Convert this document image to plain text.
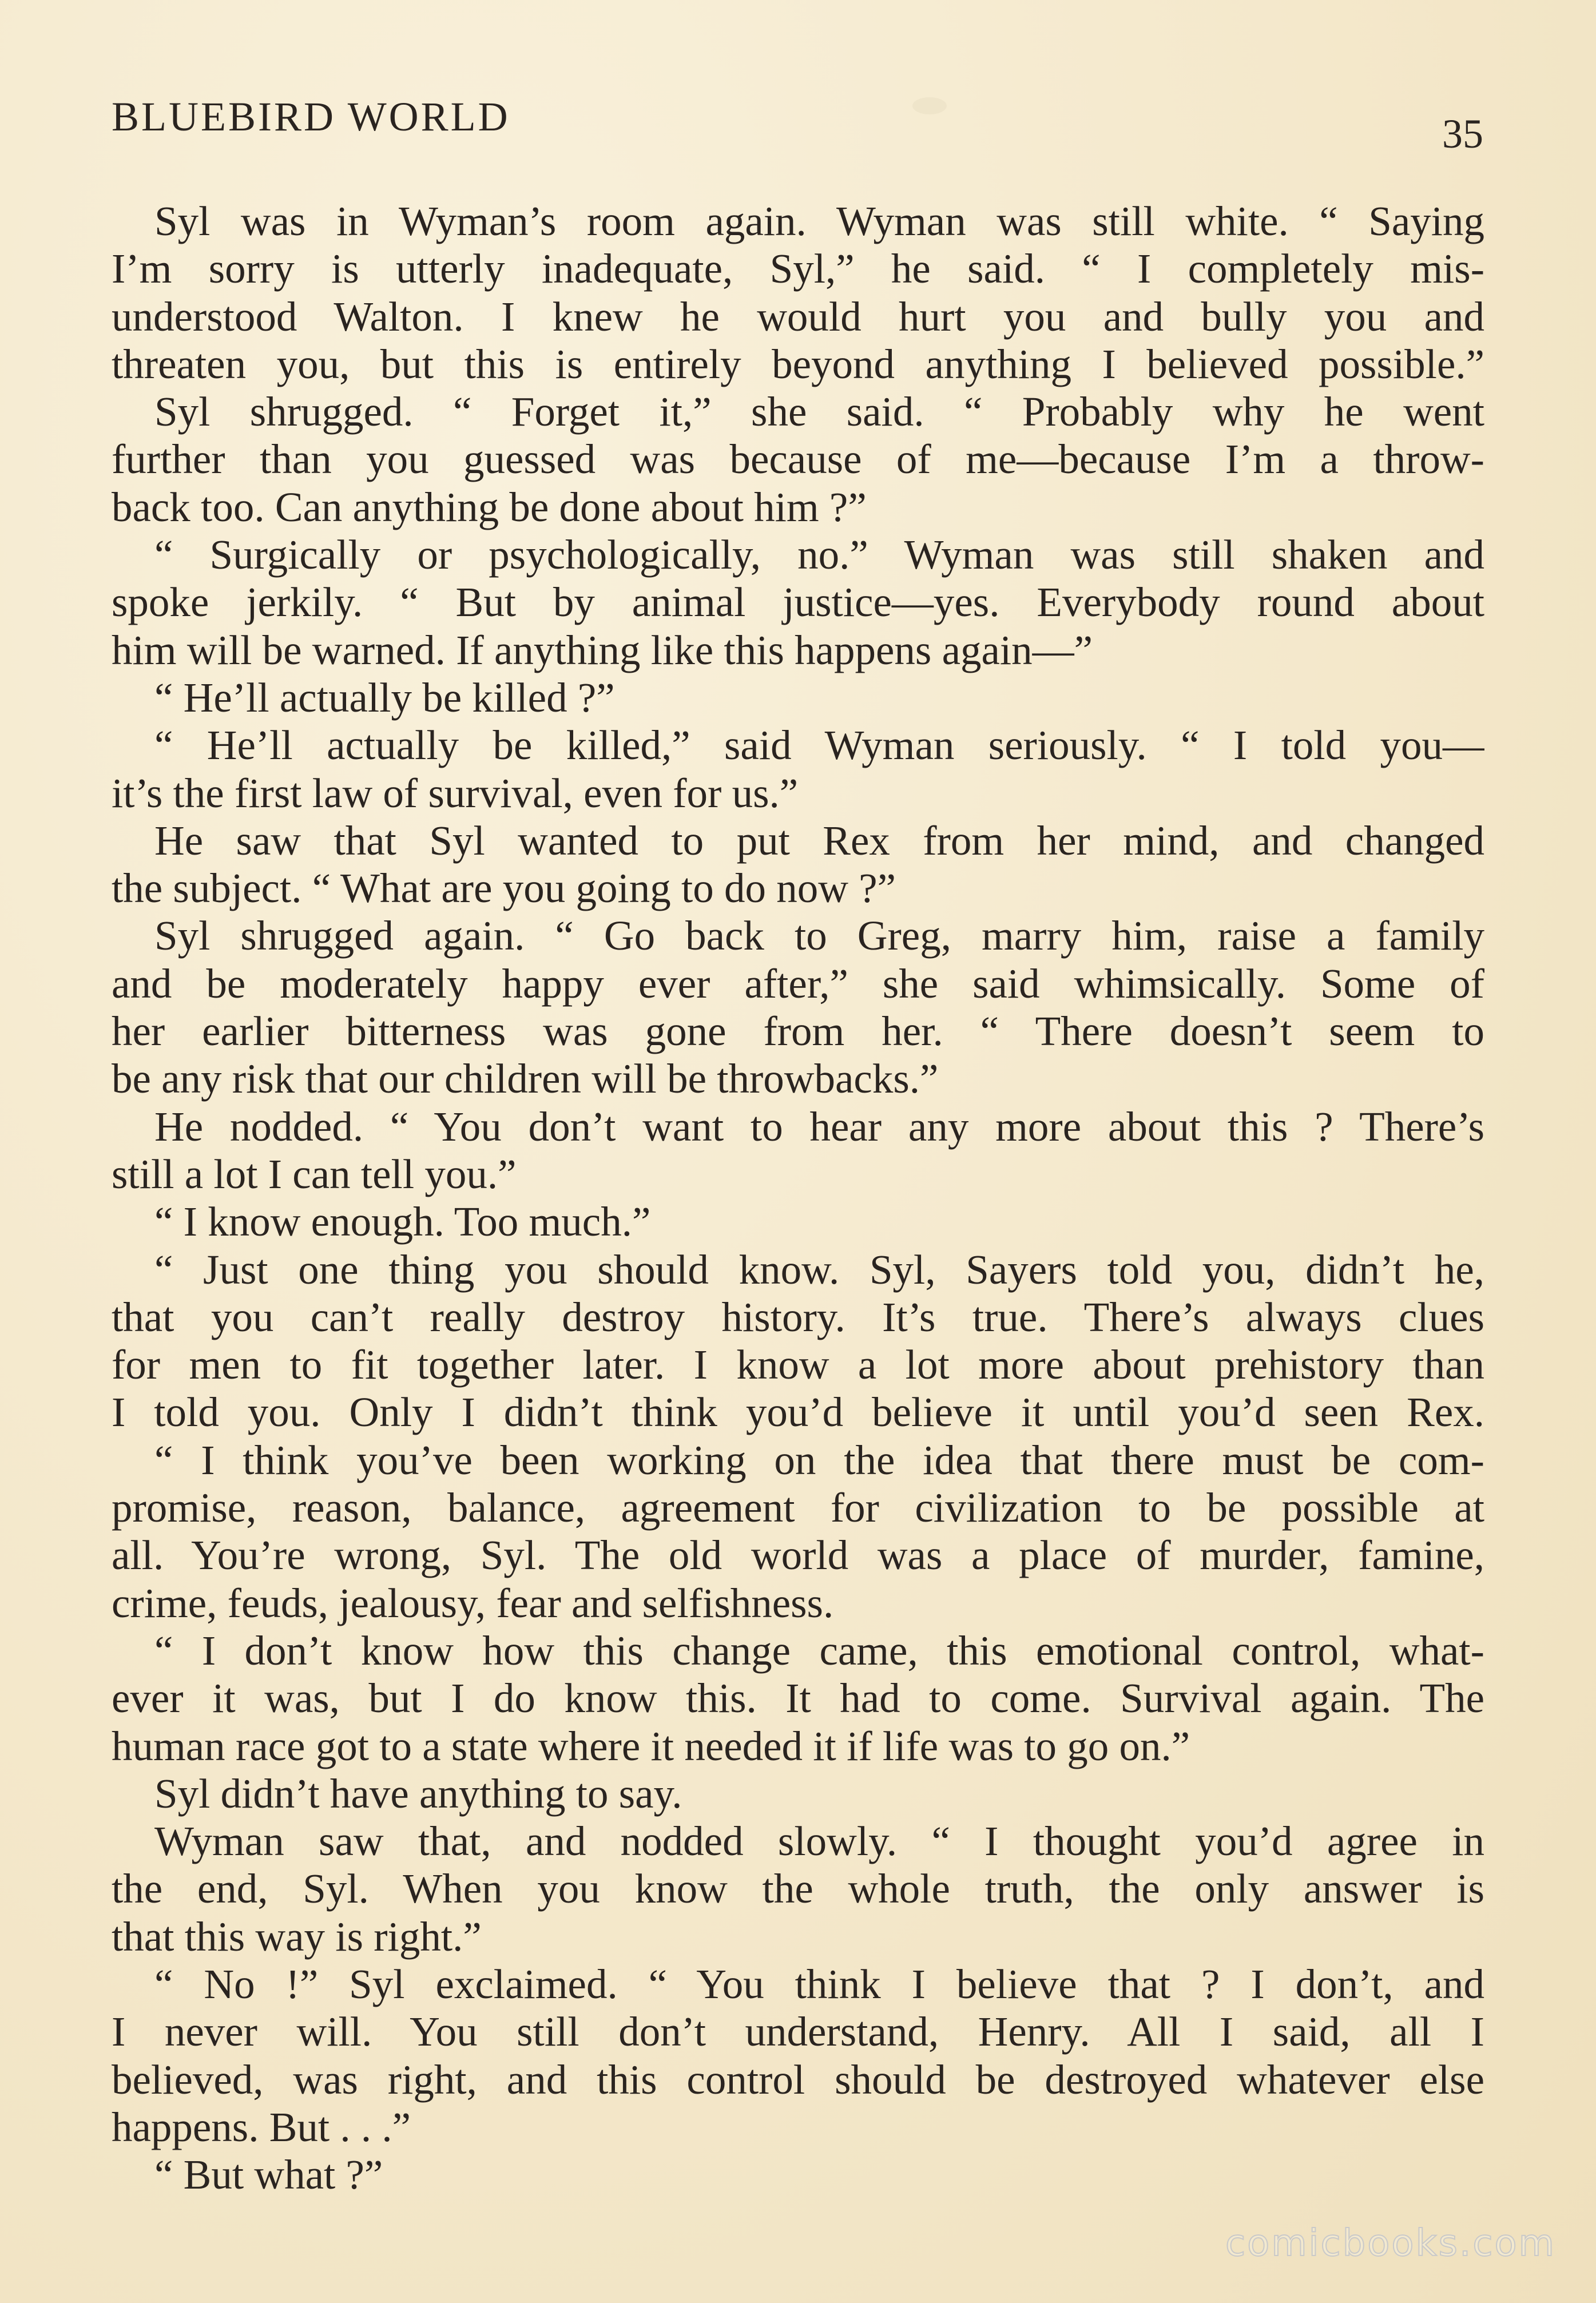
BLUEBIRD WORLD	35
Syl was in Wyman’s room again. Wyman was still white. “ Saying
I’m sorry is utterly inadequate, Syl,” he said. “ I completely mis-
understood Walton. I knew he would hurt you and bully you and
threaten you, but this is entirely beyond anything I believed possible.”
Syl shrugged. “ Forget it,” she said. “ Probably why he went
further than you guessed was because of me—because I’m a throw-
back too. Can anything be done about him ?”
“ Surgically or psychologically, no.” Wyman was still shaken and
spoke jerkily. “ But by animal justice—yes. Everybody round about
him will be warned. If anything like this happens again—”
“ He’ll actually be killed ?”
“ He’ll actually be killed,” said Wyman seriously. “ I told you—
it’s the first law of survival, even for us.”
He saw that Syl wanted to put Rex from her mind, and changed
the subject. “ What are you going to do now ?”
Syl shrugged again. “ Go back to Greg, marry him, raise a family
and be moderately happy ever after,” she said whimsically. Some of
her earlier bitterness was gone from her. “ There doesn’t seem to
be any risk that our children will be throwbacks.”
He nodded. “ You don’t want to hear any more about this ? There’s
still a lot I can tell you.”
“ I know enough. Too much.”
“ Just one thing you should know. Syl, Sayers told you, didn’t he,
that you can’t really destroy history. It’s true. There’s always clues
for men to fit together later. I know a lot more about prehistory than
I told you. Only I didn’t think you’d believe it until you’d seen Rex.
“ I think you’ve been working on the idea that there must be com-
promise, reason, balance, agreement for civilization to be possible at
all. You’re wrong, Syl. The old world was a place of murder, famine,
crime, feuds, jealousy, fear and selfishness.
“ I don’t know how this change came, this emotional control, what-
ever it was, but I do know this. It had to come. Survival again. The
human race got to a state where it needed it if life was to go on.”
Syl didn’t have anything to say.
Wyman saw that, and nodded slowly. “ I thought you’d agree in
the end, Syl. When you know the whole truth, the only answer is
that this way is right.”
“ No !” Syl exclaimed. “ You think I believe that ? I don’t, and
I never will. You still don’t understand, Henry. All I said, all I
believed, was right, and this control should be destroyed whatever else
happens. But . . .”
“ But what ?”
comicbooks.com
